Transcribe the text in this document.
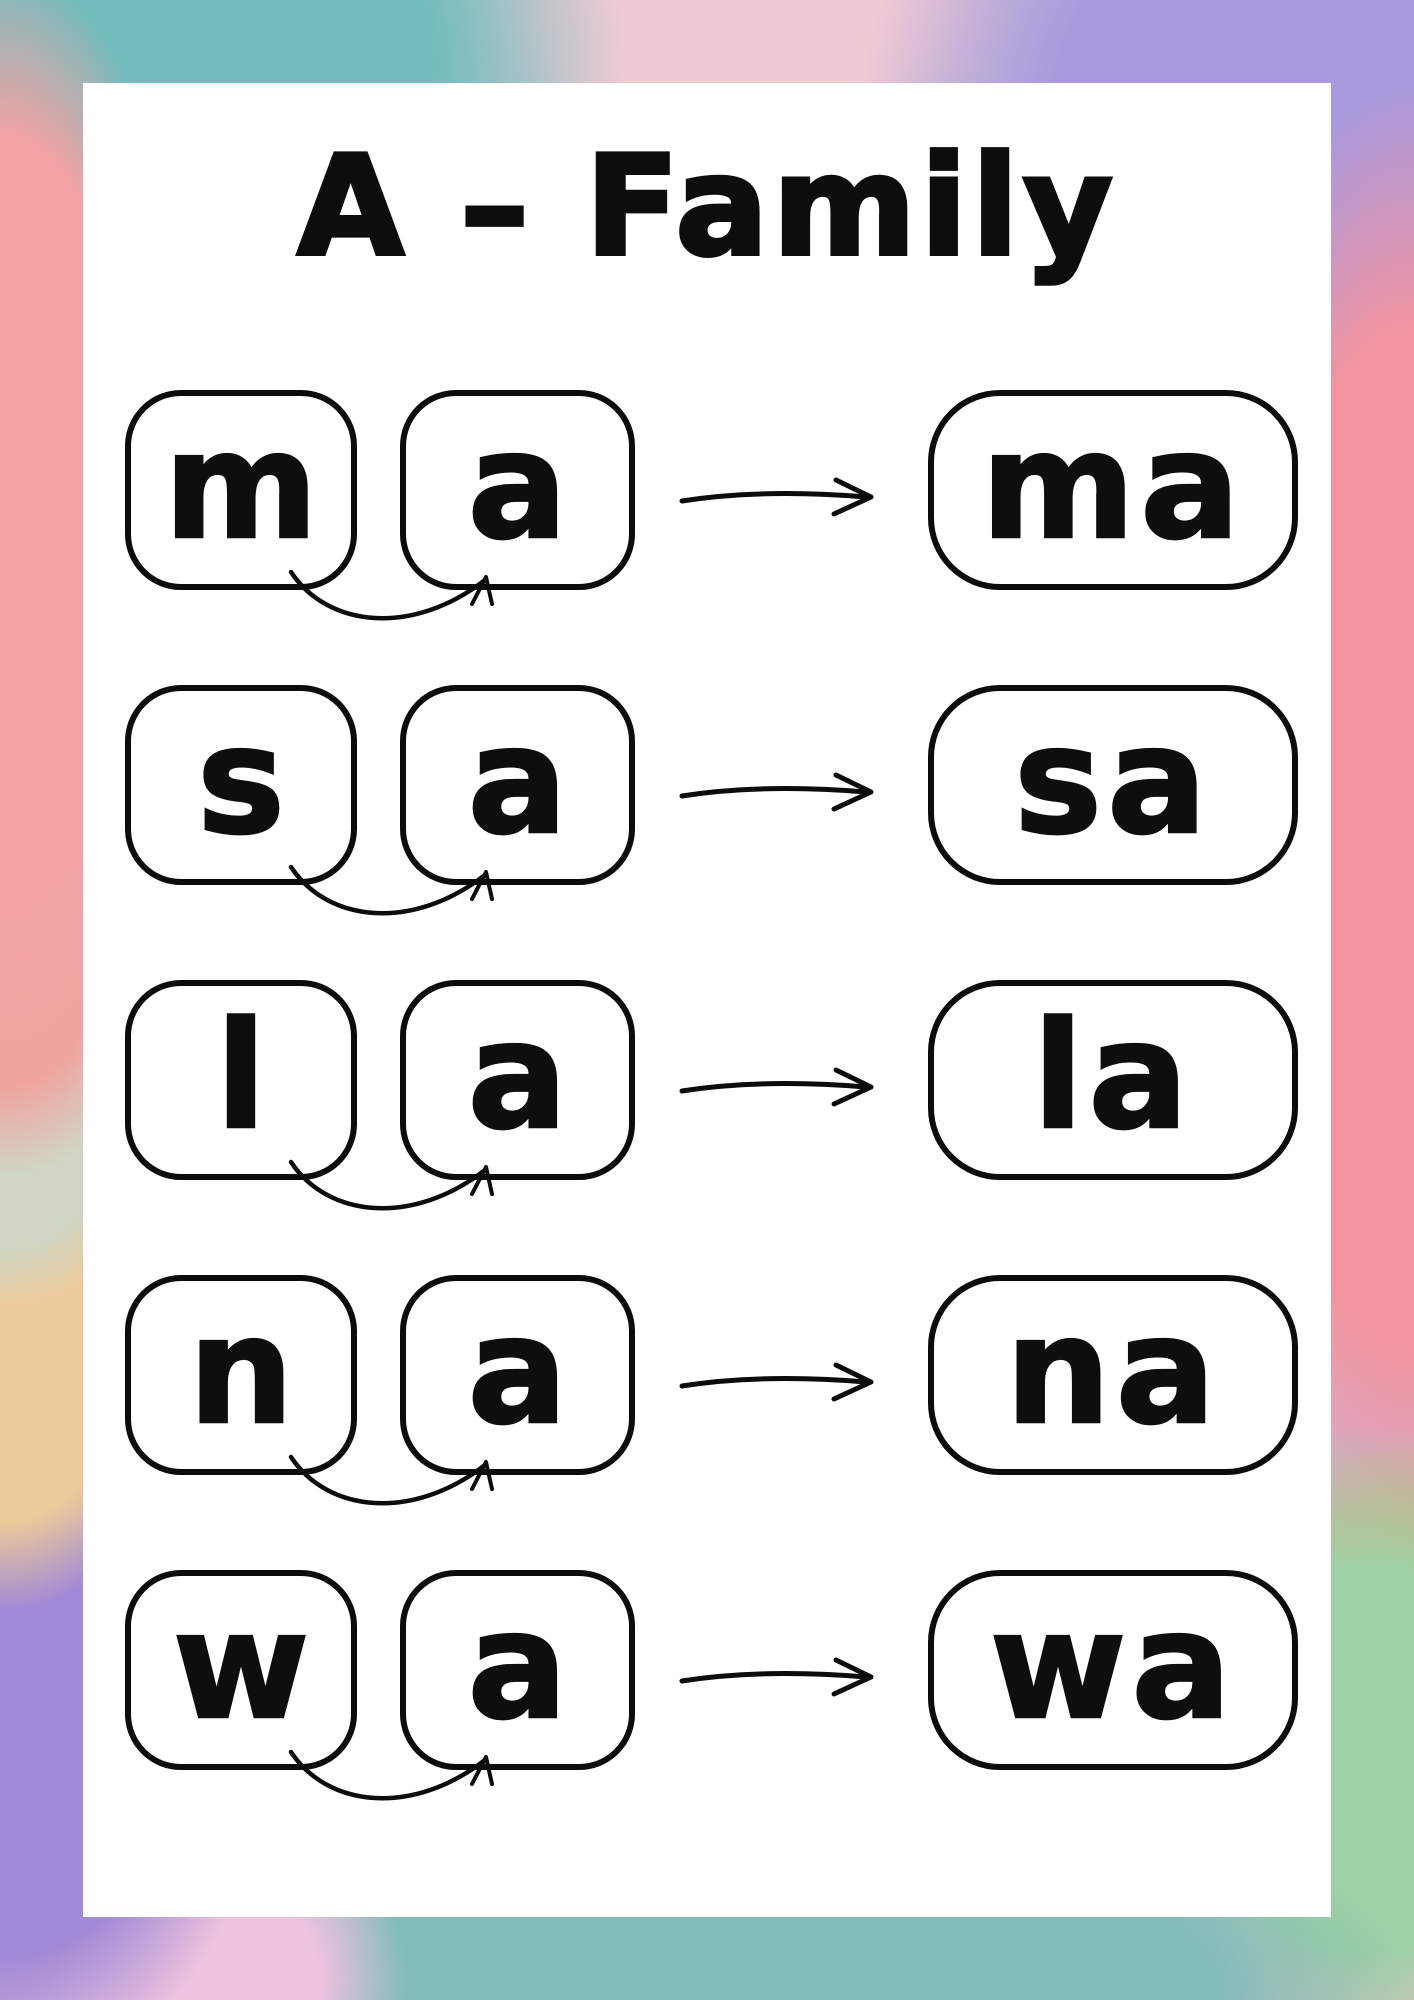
A – Family
m a	ma
s a	sa
l a	la
n a	na
w a	wa
